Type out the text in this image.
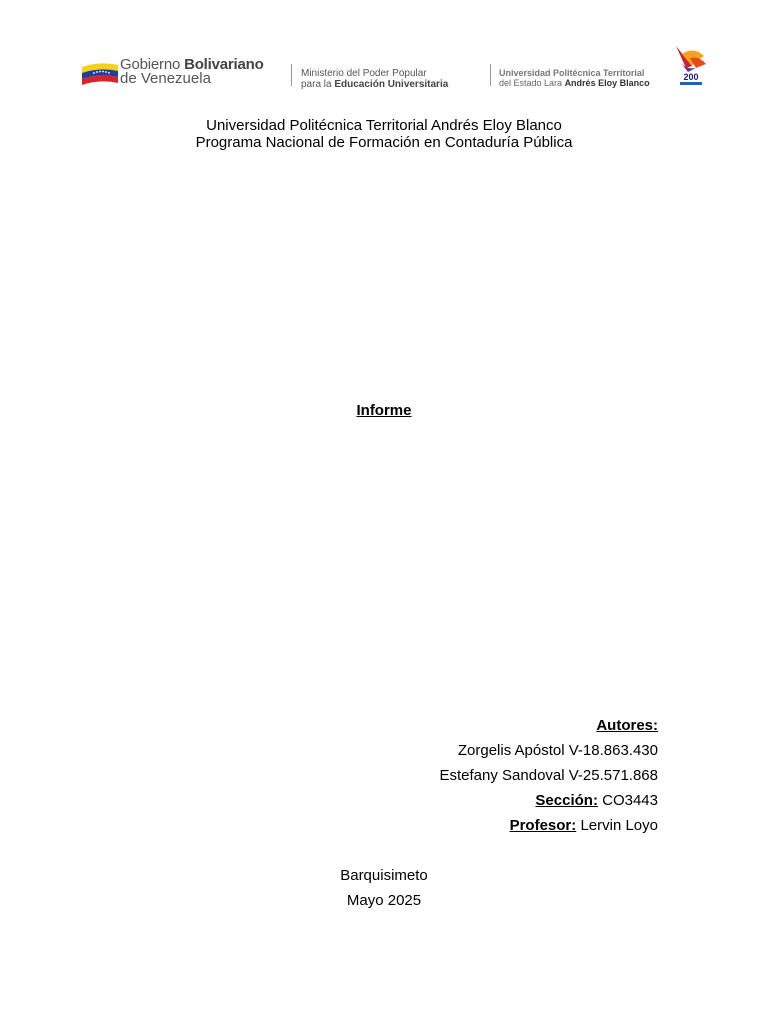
Gobierno Bolivariano
de Venezuela	Ministerio del Poder Popular
para la Educación Universitaria
Universidad Politécnica Territorial
del Estado Lara Andrés Eloy Blanco
200
Universidad Politécnica Territorial Andrés Eloy Blanco
Programa Nacional de Formación en Contaduría Pública
Informe
Autores:
Zorgelis Apóstol V-18.863.430
Estefany Sandoval V-25.571.868
Sección: CO3443
Profesor: Lervin Loyo
Barquisimeto
Mayo 2025
